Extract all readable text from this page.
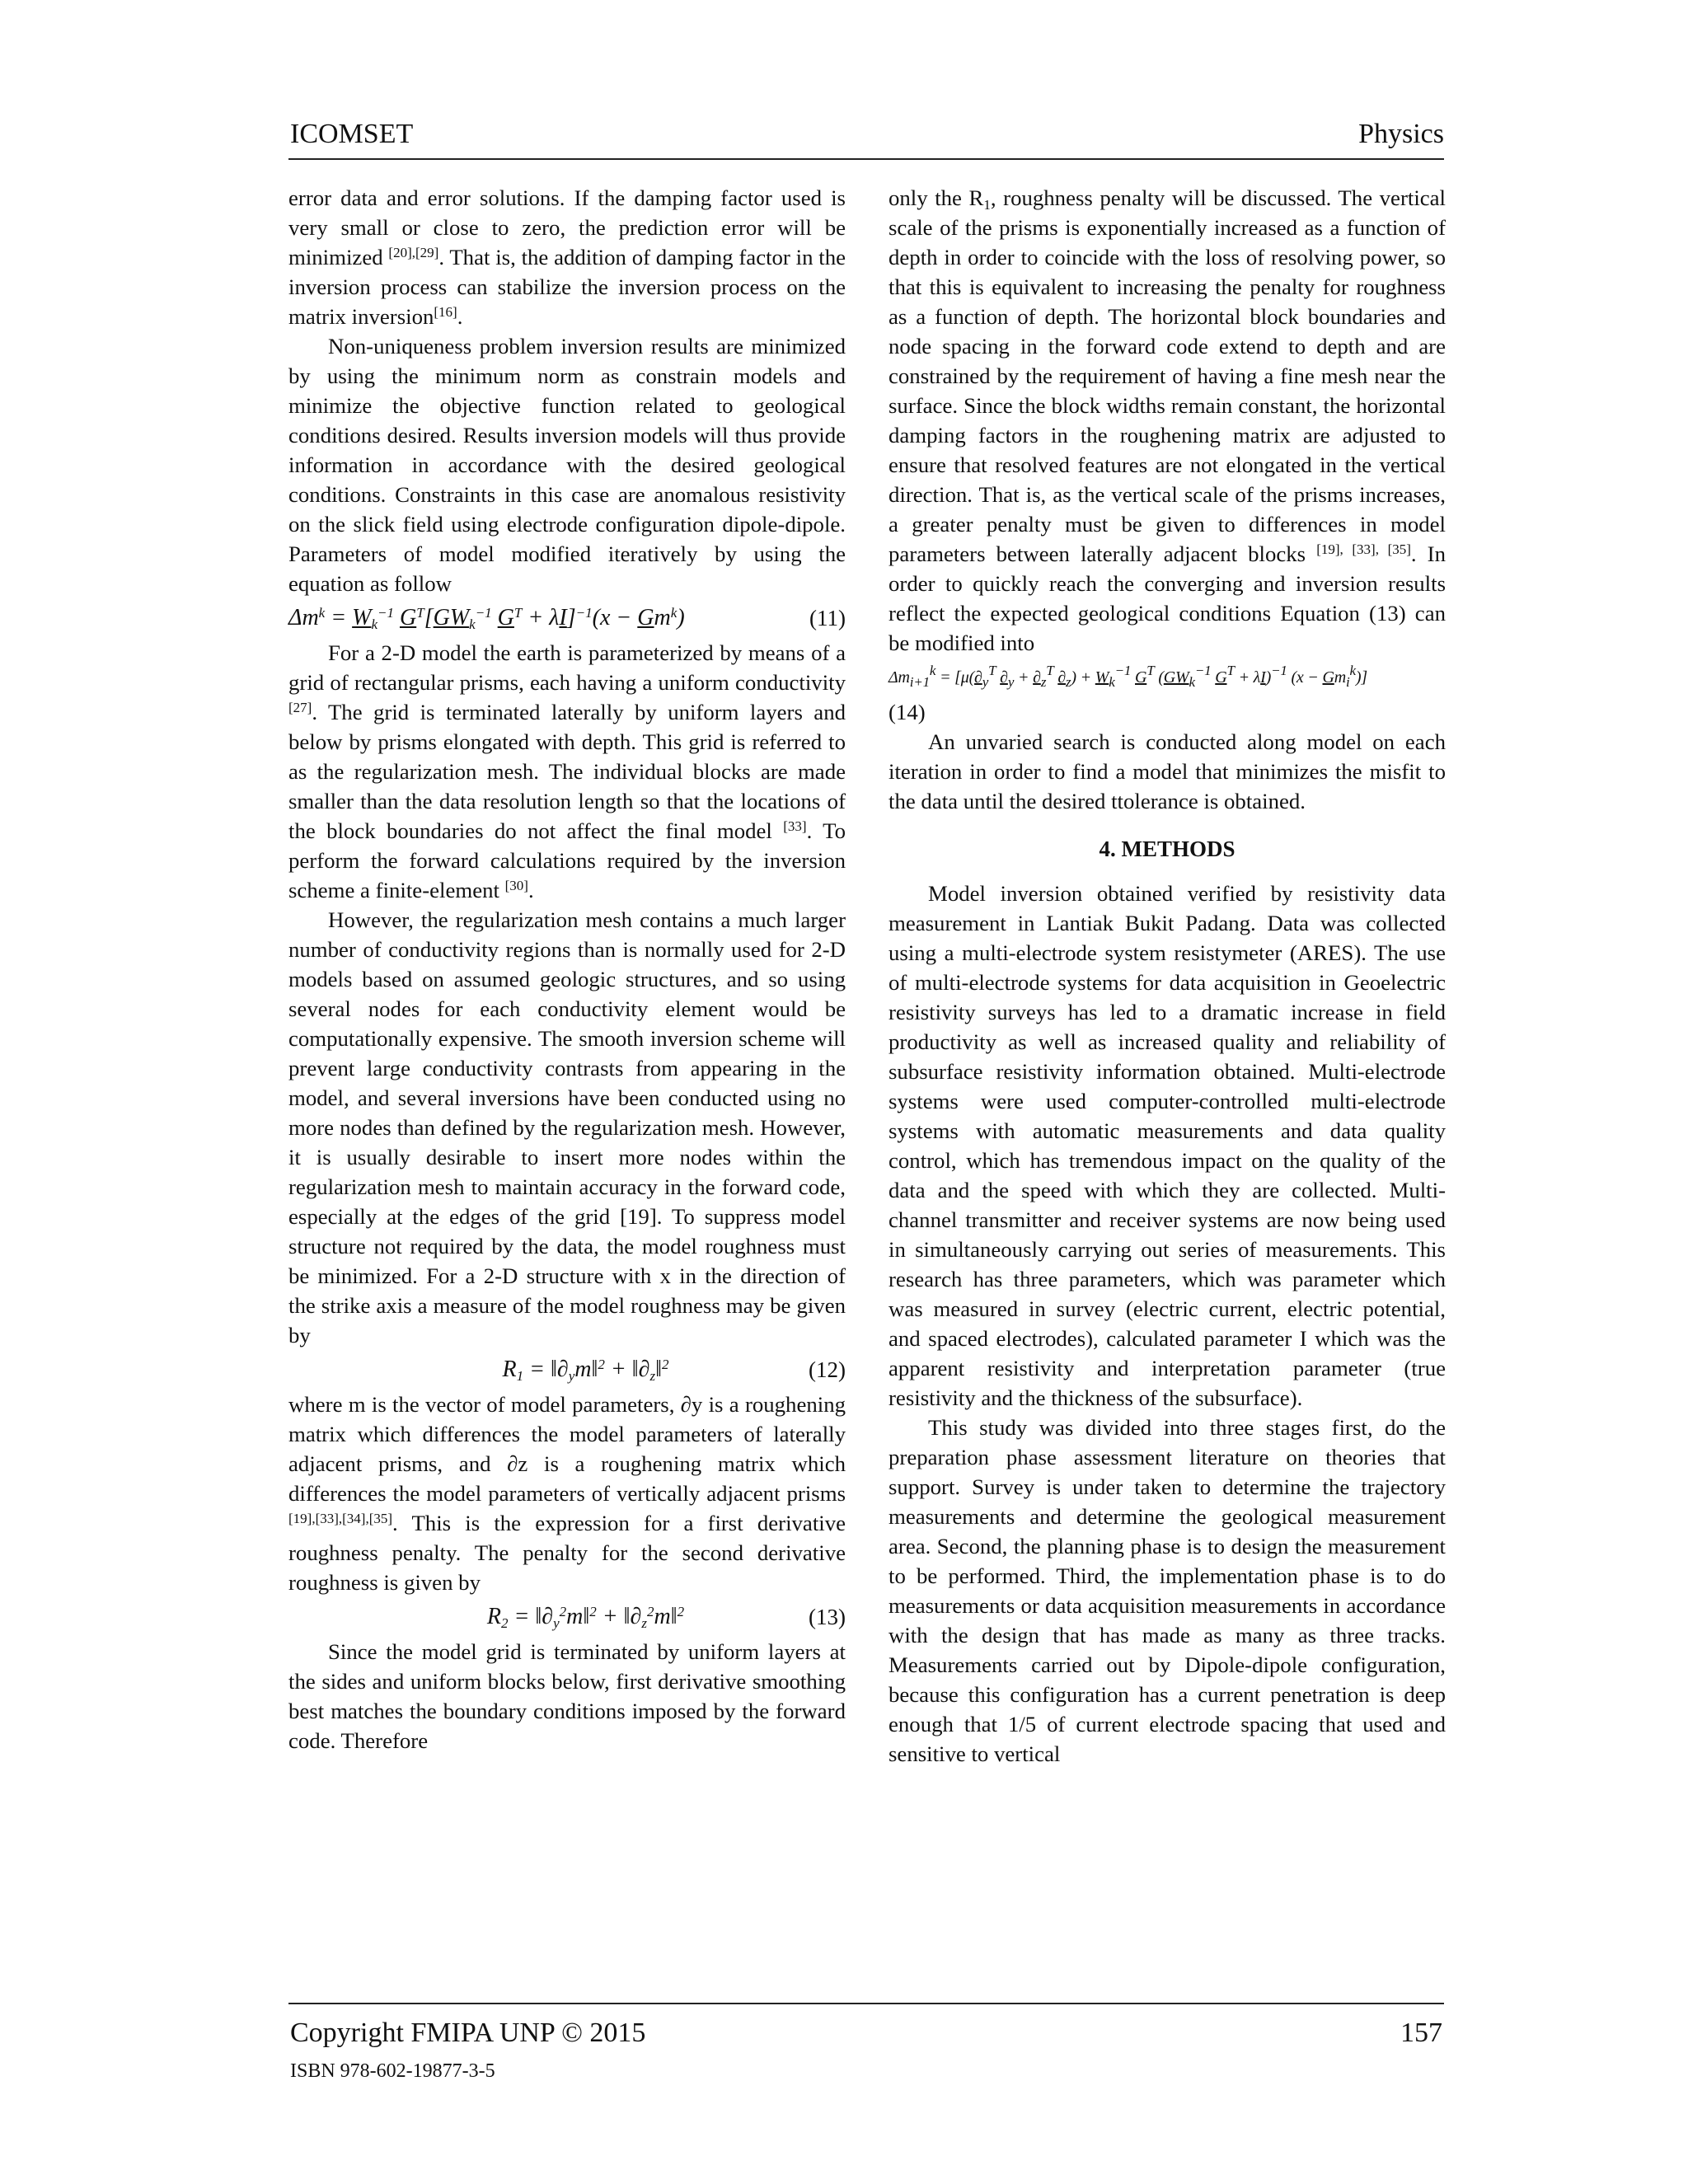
ICOMSET	Physics

error data and error solutions. If the damping factor used is very small or close to zero, the prediction error will be minimized [20],[29]. That is, the addition of damping factor in the inversion process can stabilize the inversion process on the matrix inversion[16].

Non-uniqueness problem inversion results are minimized by using the minimum norm as constrain models and minimize the objective function related to geological conditions desired. Results inversion models will thus provide information in accordance with the desired geological conditions. Constraints in this case are anomalous resistivity on the slick field using electrode configuration dipole-dipole. Parameters of model modified iteratively by using the equation as follow

$\Delta m^k = W_k^{-1}$ $G^T[GW_k^{-1}$ $G^T + \lambda I]^{-1}(x - Gm^k)$	(11)

For a 2-D model the earth is parameterized by means of a grid of rectangular prisms, each having a uniform conductivity [27]. The grid is terminated laterally by uniform layers and below by prisms elongated with depth. This grid is referred to as the regularization mesh. The individual blocks are made smaller than the data resolution length so that the locations of the block boundaries do not affect the final model [33]. To perform the forward calculations required by the inversion scheme a finite-element [30].

However, the regularization mesh contains a much larger number of conductivity regions than is normally used for 2-D models based on assumed geologic structures, and so using several nodes for each conductivity element would be computationally expensive. The smooth inversion scheme will prevent large conductivity contrasts from appearing in the model, and several inversions have been conducted using no more nodes than defined by the regularization mesh. However, it is usually desirable to insert more nodes within the regularization mesh to maintain accuracy in the forward code, especially at the edges of the grid [19]. To suppress model structure not required by the data, the model roughness must be minimized. For a 2-D structure with x in the direction of the strike axis a measure of the model roughness may be given by

$R_1$ = $‖\partial_ym‖^2$ + $‖\partial_z‖^2$	(12)

where m is the vector of model parameters, ∂y is a roughening matrix which differences the model parameters of laterally adjacent prisms, and ∂z is a roughening matrix which differences the model parameters of vertically adjacent prisms [19],[33],[34],[35]. This is the expression for a first derivative roughness penalty. The penalty for the second derivative roughness is given by

$R_2$ = $‖\partial_y^2m‖^2$ + $‖\partial_z^2m‖^2$	(13)

Since the model grid is terminated by uniform layers at the sides and uniform blocks below, first derivative smoothing best matches the boundary conditions imposed by the forward code. Therefore

only the $R_1$, roughness penalty will be discussed. The vertical scale of the prisms is exponentially increased as a function of depth in order to coincide with the loss of resolving power, so that this is equivalent to increasing the penalty for roughness as a function of depth. The horizontal block boundaries and node spacing in the forward code extend to depth and are constrained by the requirement of having a fine mesh near the surface. Since the block widths remain constant, the horizontal damping factors in the roughening matrix are adjusted to ensure that resolved features are not elongated in the vertical direction. That is, as the vertical scale of the prisms increases, a greater penalty must be given to differences in model parameters between laterally adjacent blocks [19], [33], [35]. In order to quickly reach the converging and inversion results reflect the expected geological conditions Equation (13) can be modified into

$\Delta m_{i+1}^k = [\mu(\partial_y^T$ $\partial_y + \partial_z^T$ $\partial_z) + W_k^{-1}$ $G^T$ ($GW_k^{-1}$ $G^T + \lambda I)^{-1}$ $(x - Gm_i^k)$]

(14)

An unvaried search is conducted along model on each iteration in order to find a model that minimizes the misfit to the data until the desired ttolerance is obtained.

4. METHODS

Model inversion obtained verified by resistivity data measurement in Lantiak Bukit Padang. Data was collected using a multi-electrode system resistymeter (ARES). The use of multi-electrode systems for data acquisition in Geoelectric resistivity surveys has led to a dramatic increase in field productivity as well as increased quality and reliability of subsurface resistivity information obtained. Multi-electrode systems were used computer-controlled multi-electrode systems with automatic measurements and data quality control, which has tremendous impact on the quality of the data and the speed with which they are collected. Multi-channel transmitter and receiver systems are now being used in simultaneously carrying out series of measurements. This research has three parameters, which was parameter which was measured in survey (electric current, electric potential, and spaced electrodes), calculated parameter I which was the apparent resistivity and interpretation parameter (true resistivity and the thickness of the subsurface).

This study was divided into three stages first, do the preparation phase assessment literature on theories that support. Survey is under taken to determine the trajectory measurements and determine the geological measurement area. Second, the planning phase is to design the measurement to be performed. Third, the implementation phase is to do measurements or data acquisition measurements in accordance with the design that has made as many as three tracks. Measurements carried out by Dipole-dipole configuration, because this configuration has a current penetration is deep enough that 1/5 of current electrode spacing that used and sensitive to vertical

Copyright FMIPA UNP © 2015	157
ISBN 978-602-19877-3-5
